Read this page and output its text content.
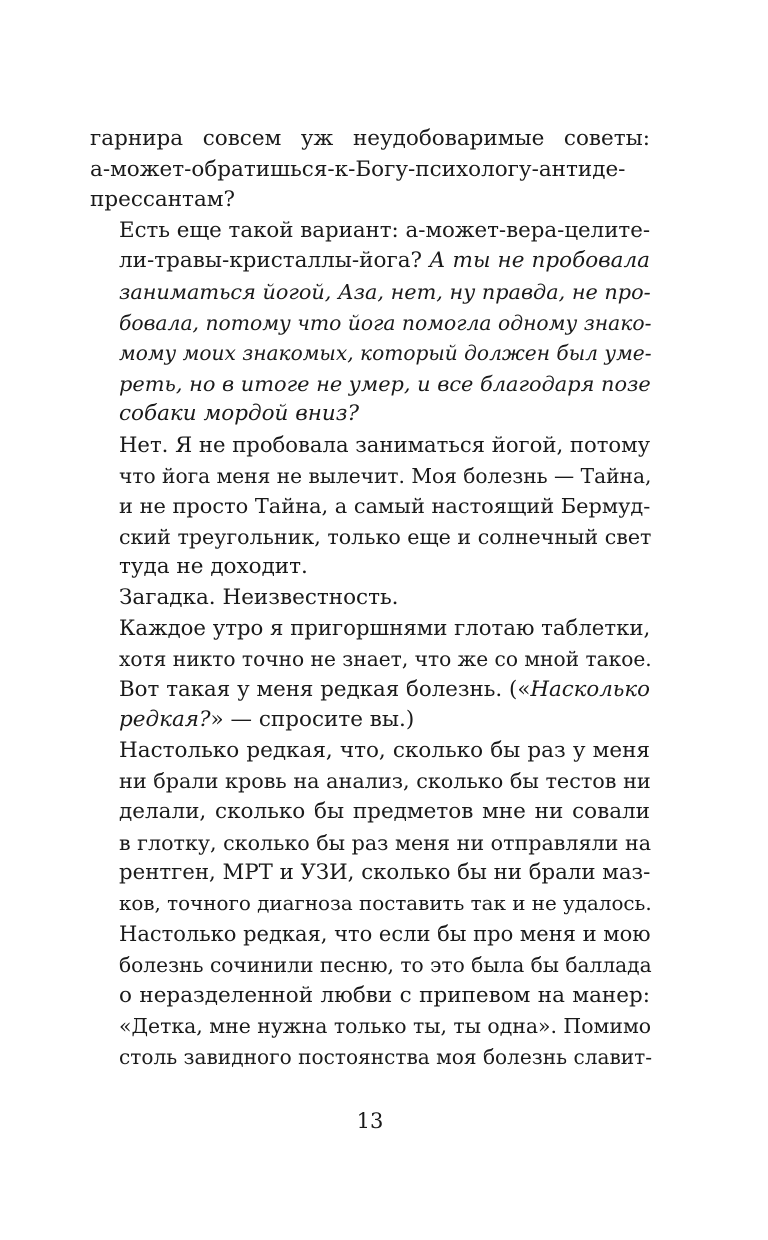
гарнира совсем уж неудобоваримые советы:
а-может-обратишься-к-Богу-психологу-антиде-
прессантам?
Есть еще такой вариант: а-может-вера-целите-
ли-травы-кристаллы-йога? А ты не пробовала
заниматься йогой, Аза, нет, ну правда, не про-
бовала, потому что йога помогла одному знако-
мому моих знакомых, который должен был уме-
реть, но в итоге не умер, и все благодаря позе
собаки мордой вниз?
Нет. Я не пробовала заниматься йогой, потому
что йога меня не вылечит. Моя болезнь — Тайна,
и не просто Тайна, а самый настоящий Бермуд-
ский треугольник, только еще и солнечный свет
туда не доходит.
Загадка. Неизвестность.
Каждое утро я пригоршнями глотаю таблетки,
хотя никто точно не знает, что же со мной такое.
Вот такая у меня редкая болезнь. («Насколько
редкая?» — спросите вы.)
Настолько редкая, что, сколько бы раз у меня
ни брали кровь на анализ, сколько бы тестов ни
делали, сколько бы предметов мне ни совали
в глотку, сколько бы раз меня ни отправляли на
рентген, МРТ и УЗИ, сколько бы ни брали маз-
ков, точного диагноза поставить так и не удалось.
Настолько редкая, что если бы про меня и мою
болезнь сочинили песню, то это была бы баллада
о неразделенной любви с припевом на манер:
«Детка, мне нужна только ты, ты одна». Помимо
столь завидного постоянства моя болезнь славит-
13
